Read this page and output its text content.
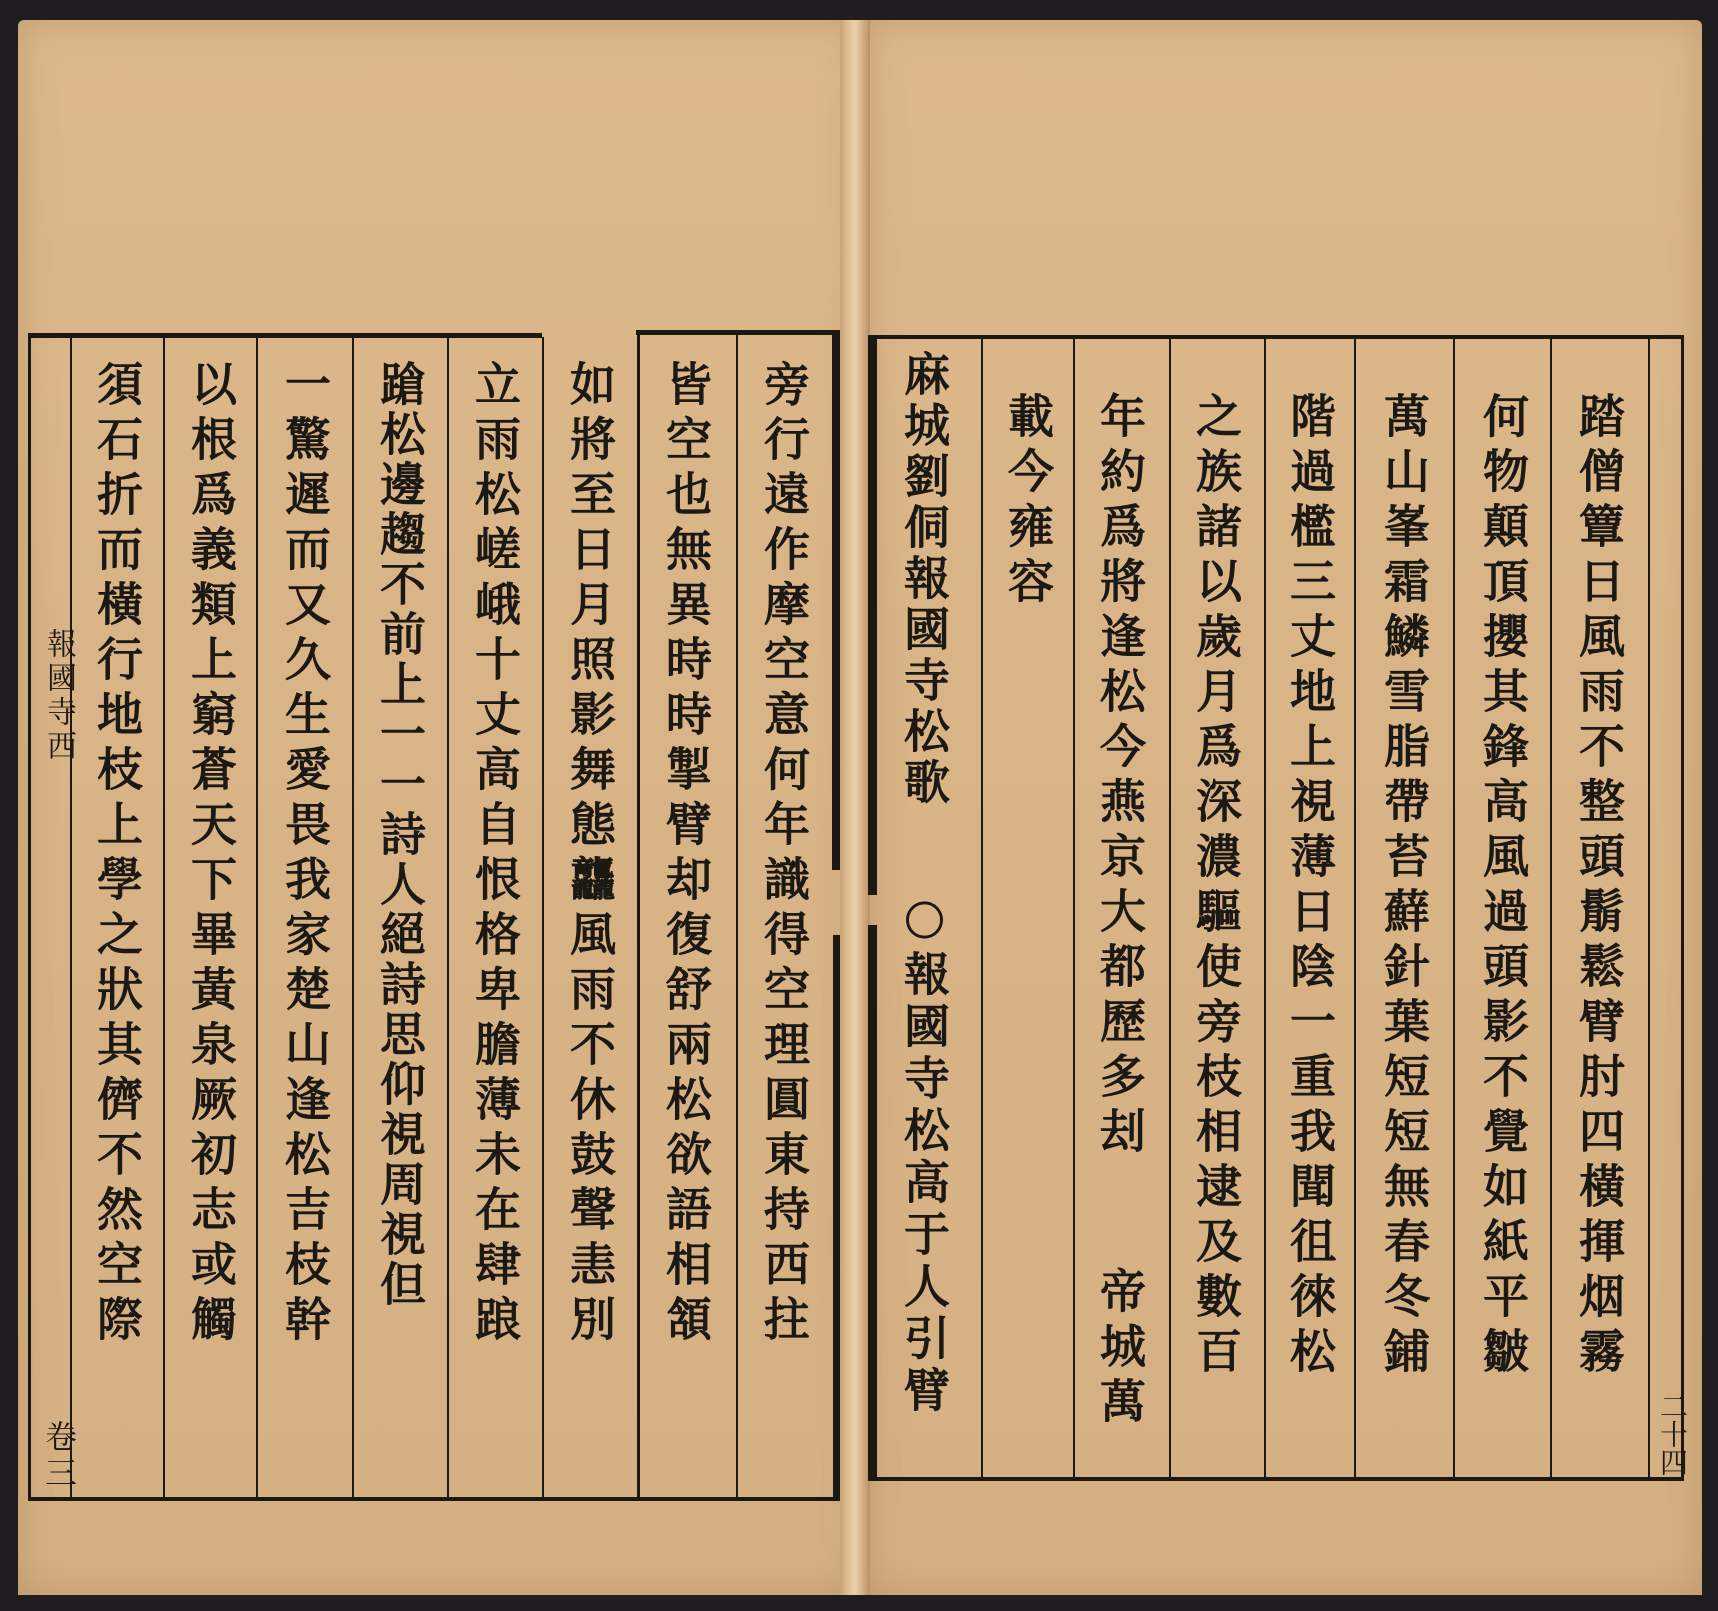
報國寺西
卷三
旁行遠作摩空意何年識得空理圓東持西拄
皆空也無異時時掣臂却復舒兩松欲語相頷
如將至日月照影舞態龘風雨不休鼓聲恚別
立雨松嵯峨十丈高自恨格卑膽薄未在肆踉
蹌松邊趨不前上一一詩人絕詩思仰視周視但
一驚遲而又久生愛畏我家楚山逢松吉枝幹
以根爲義類上窮蒼天下畢黃泉厥初志或觸
須石折而橫行地枝上學之狀其儕不然空際	踏僧簟日風雨不整頭鬅鬆臂肘四橫揮烟霧
何物顛頂攖其鋒高風過頭影不覺如紙平皺
萬山峯霜鱗雪脂帶苔蘚針葉短短無春冬鋪
階過檻三丈地上視薄日陰一重我聞徂徠松
之族諸以歲月爲深濃驅使旁枝相逮及數百
年約爲將逢松今燕京大都歷多刦
帝城萬
載今雍容
麻城劉侗報國寺松歌
〇
報國寺松高于人引臂
二十四
